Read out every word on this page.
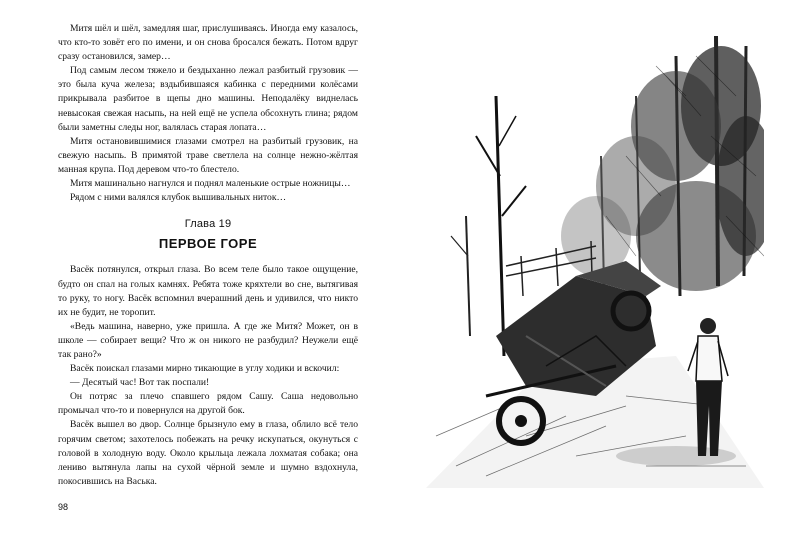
Митя шёл и шёл, замедляя шаг, прислушиваясь. Иногда ему казалось, что кто-то зовёт его по имени, и он снова бросался бежать. Потом вдруг сразу остановился, замер…

Под самым лесом тяжело и бездыханно лежал разбитый грузовик — это была куча железа; вздыбившаяся кабинка с передними колёсами прикрывала разбитое в щепы дно машины. Неподалёку виднелась невысокая свежая насыпь, на ней ещё не успела обсохнуть глина; рядом были заметны следы ног, валялась старая лопата…

Митя остановившимися глазами смотрел на разбитый грузовик, на свежую насыпь. В примятой траве светлела на солнце нежно-жёлтая манная крупа. Под деревом что-то блестело.

Митя машинально нагнулся и поднял маленькие острые ножницы…

Рядом с ними валялся клубок вышивальных ниток…

Глава 19
ПЕРВОЕ ГОРЕ

Васёк потянулся, открыл глаза. Во всем теле было такое ощущение, будто он спал на голых камнях. Ребята тоже кряхтели во сне, вытягивая то руку, то ногу. Васёк вспомнил вчерашний день и удивился, что никто их не будит, не торопит.

«Ведь машина, наверно, уже пришла. А где же Митя? Может, он в школе — собирает вещи? Что ж он никого не разбудил? Неужели ещё так рано?»

Васёк поискал глазами мирно тикающие в углу ходики и вскочил:

— Десятый час! Вот так поспали!

Он потряс за плечо спавшего рядом Сашу. Саша недовольно промычал что-то и повернулся на другой бок.

Васёк вышел во двор. Солнце брызнуло ему в глаза, облило всё тело горячим светом; захотелось побежать на речку искупаться, окунуться с головой в холодную воду. Около крыльца лежала лохматая собака; она лениво вытянула лапы на сухой чёрной земле и шумно вздохнула, покосившись на Васька.

98
